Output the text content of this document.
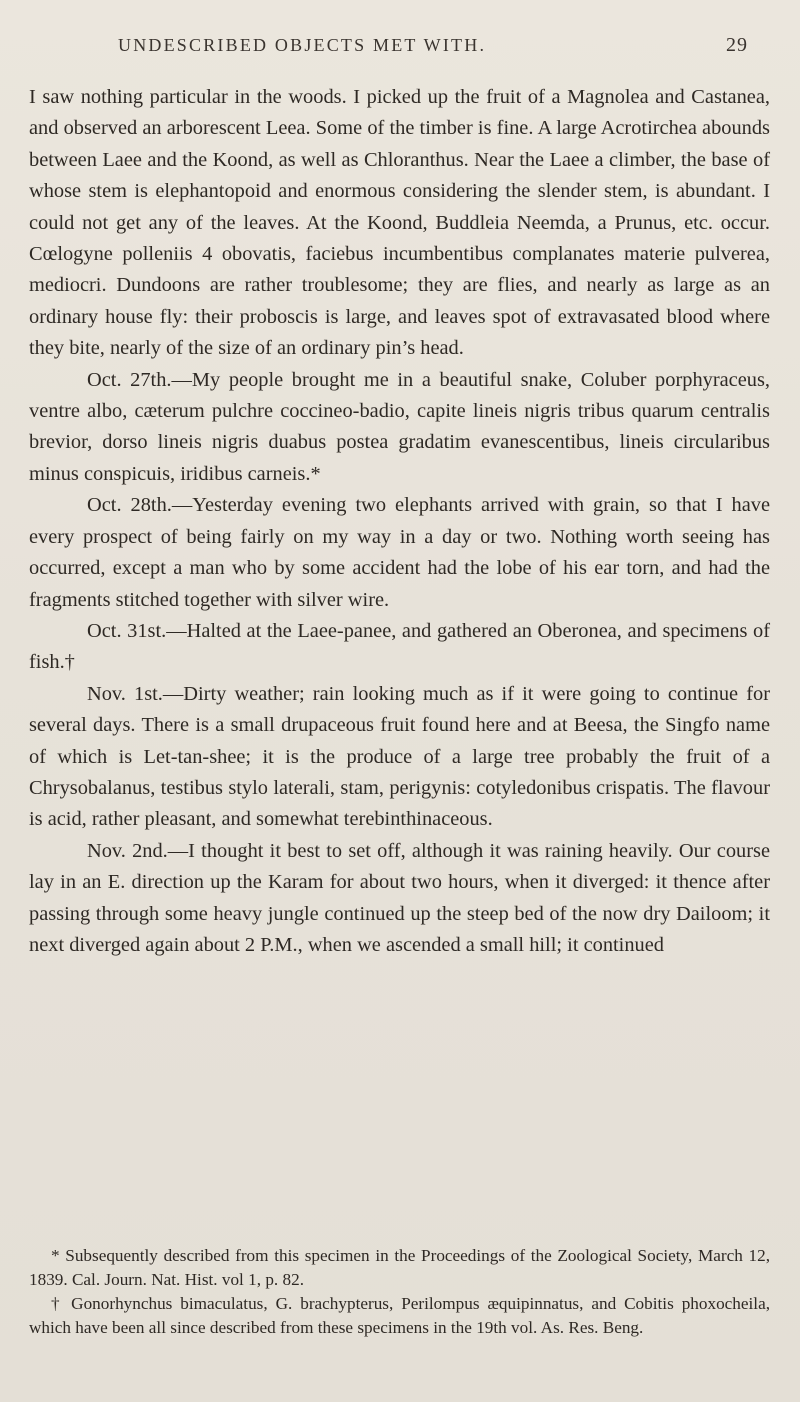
UNDESCRIBED OBJECTS MET WITH.	29

I saw nothing particular in the woods. I picked up the fruit of a Magnolea and Castanea, and observed an arborescent Leea. Some of the timber is fine. A large Acrotirchea abounds between Laee and the Koond, as well as Chloranthus. Near the Laee a climber, the base of whose stem is elephantopoid and enormous considering the slender stem, is abundant. I could not get any of the leaves. At the Koond, Buddleia Neemda, a Prunus, etc. occur. Cœlogyne polleniis 4 obovatis, faciebus incumbentibus complanates materie pulverea, mediocri. Dundoons are rather troublesome; they are flies, and nearly as large as an ordinary house fly: their proboscis is large, and leaves spot of extravasated blood where they bite, nearly of the size of an ordinary pin’s head.

Oct. 27th.—My people brought me in a beautiful snake, Coluber porphyraceus, ventre albo, cæterum pulchre coccineo-badio, capite lineis nigris tribus quarum centralis brevior, dorso lineis nigris duabus postea gradatim evanescentibus, lineis circularibus minus conspicuis, iridibus carneis.*

Oct. 28th.—Yesterday evening two elephants arrived with grain, so that I have every prospect of being fairly on my way in a day or two. Nothing worth seeing has occurred, except a man who by some accident had the lobe of his ear torn, and had the fragments stitched together with silver wire.

Oct. 31st.—Halted at the Laee-panee, and gathered an Oberonea, and specimens of fish.†

Nov. 1st.—Dirty weather; rain looking much as if it were going to continue for several days. There is a small drupaceous fruit found here and at Beesa, the Singfo name of which is Let-tan-shee; it is the produce of a large tree probably the fruit of a Chrysobalanus, testibus stylo laterali, stam, perigynis: cotyledonibus crispatis. The flavour is acid, rather pleasant, and somewhat terebinthinaceous.

Nov. 2nd.—I thought it best to set off, although it was raining heavily. Our course lay in an E. direction up the Karam for about two hours, when it diverged: it thence after passing through some heavy jungle continued up the steep bed of the now dry Dailoom; it next diverged again about 2 P.M., when we ascended a small hill; it continued

* Subsequently described from this specimen in the Proceedings of the Zoological Society, March 12, 1839. Cal. Journ. Nat. Hist. vol 1, p. 82.

† Gonorhynchus bimaculatus, G. brachypterus, Perilompus æquipinnatus, and Cobitis phoxocheila, which have been all since described from these specimens in the 19th vol. As. Res. Beng.
